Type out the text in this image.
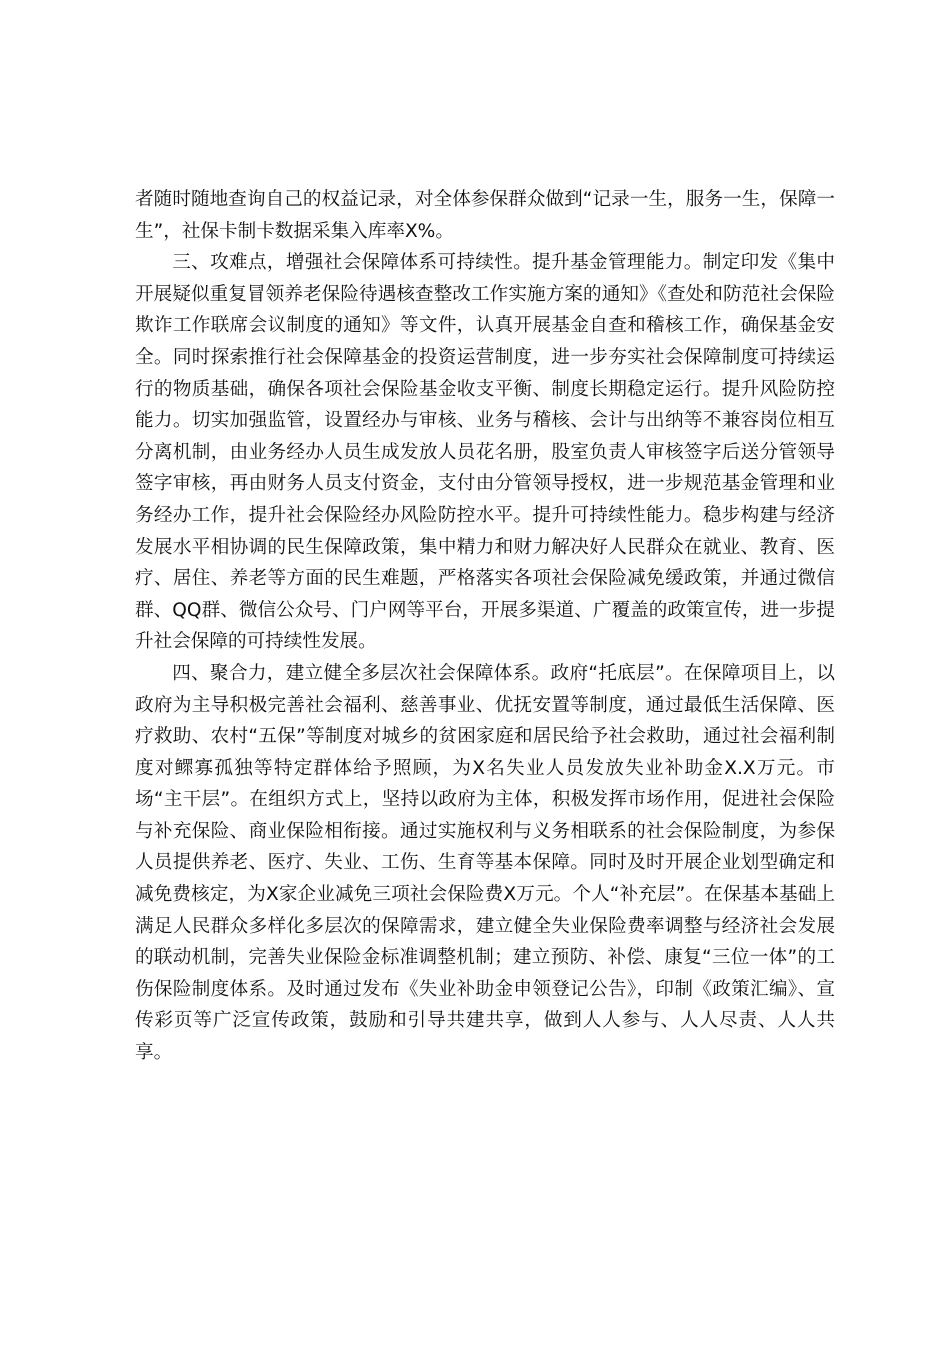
者随时随地查询自己的权益记录，对全体参保群众做到“记录一生，服务一生，保障一生”，社保卡制卡数据采集入库率X%。

三、攻难点，增强社会保障体系可持续性。提升基金管理能力。制定印发《集中开展疑似重复冒领养老保险待遇核查整改工作实施方案的通知》《查处和防范社会保险欺诈工作联席会议制度的通知》等文件，认真开展基金自查和稽核工作，确保基金安全。同时探索推行社会保障基金的投资运营制度，进一步夯实社会保障制度可持续运行的物质基础，确保各项社会保险基金收支平衡、制度长期稳定运行。提升风险防控能力。切实加强监管，设置经办与审核、业务与稽核、会计与出纳等不兼容岗位相互分离机制，由业务经办人员生成发放人员花名册，股室负责人审核签字后送分管领导签字审核，再由财务人员支付资金，支付由分管领导授权，进一步规范基金管理和业务经办工作，提升社会保险经办风险防控水平。提升可持续性能力。稳步构建与经济发展水平相协调的民生保障政策，集中精力和财力解决好人民群众在就业、教育、医疗、居住、养老等方面的民生难题，严格落实各项社会保险减免缓政策，并通过微信群、QQ群、微信公众号、门户网等平台，开展多渠道、广覆盖的政策宣传，进一步提升社会保障的可持续性发展。

四、聚合力，建立健全多层次社会保障体系。政府“托底层”。在保障项目上，以政府为主导积极完善社会福利、慈善事业、优抚安置等制度，通过最低生活保障、医疗救助、农村“五保”等制度对城乡的贫困家庭和居民给予社会救助，通过社会福利制度对鳏寡孤独等特定群体给予照顾，为X名失业人员发放失业补助金X.X万元。市场“主干层”。在组织方式上，坚持以政府为主体，积极发挥市场作用，促进社会保险与补充保险、商业保险相衔接。通过实施权利与义务相联系的社会保险制度，为参保人员提供养老、医疗、失业、工伤、生育等基本保障。同时及时开展企业划型确定和减免费核定，为X家企业减免三项社会保险费X万元。个人“补充层”。在保基本基础上满足人民群众多样化多层次的保障需求，建立健全失业保险费率调整与经济社会发展的联动机制，完善失业保险金标准调整机制；建立预防、补偿、康复“三位一体”的工伤保险制度体系。及时通过发布《失业补助金申领登记公告》，印制《政策汇编》、宣传彩页等广泛宣传政策，鼓励和引导共建共享，做到人人参与、人人尽责、人人共享。
